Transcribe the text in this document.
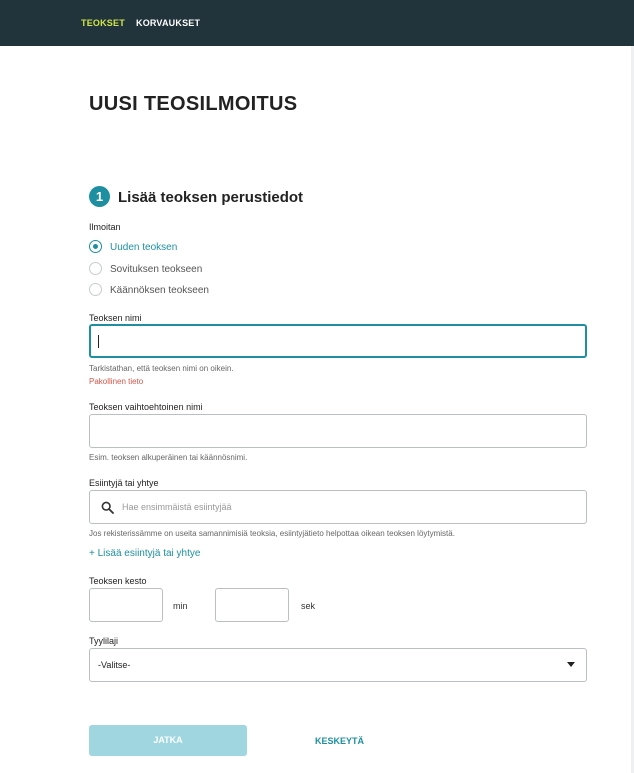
TEOKSET KORVAUKSET
UUSI TEOSILMOITUS
1 Lisää teoksen perustiedot
Ilmoitan
Uuden teoksen
Sovituksen teokseen
Käännöksen teokseen
Teoksen nimi
Tarkistathan, että teoksen nimi on oikein.
Pakollinen tieto
Teoksen vaihtoehtoinen nimi
Esim. teoksen alkuperäinen tai käännösnimi.
Esiintyjä tai yhtye
Hae ensimmäistä esiintyjää
Jos rekisterissämme on useita samannimisiä teoksia, esiintyjätieto helpottaa oikean teoksen löytymistä.
+ Lisää esiintyjä tai yhtye
Teoksen kesto
min	sek
Tyylilaji
-Valitse-
JATKA	KESKEYTÄ
